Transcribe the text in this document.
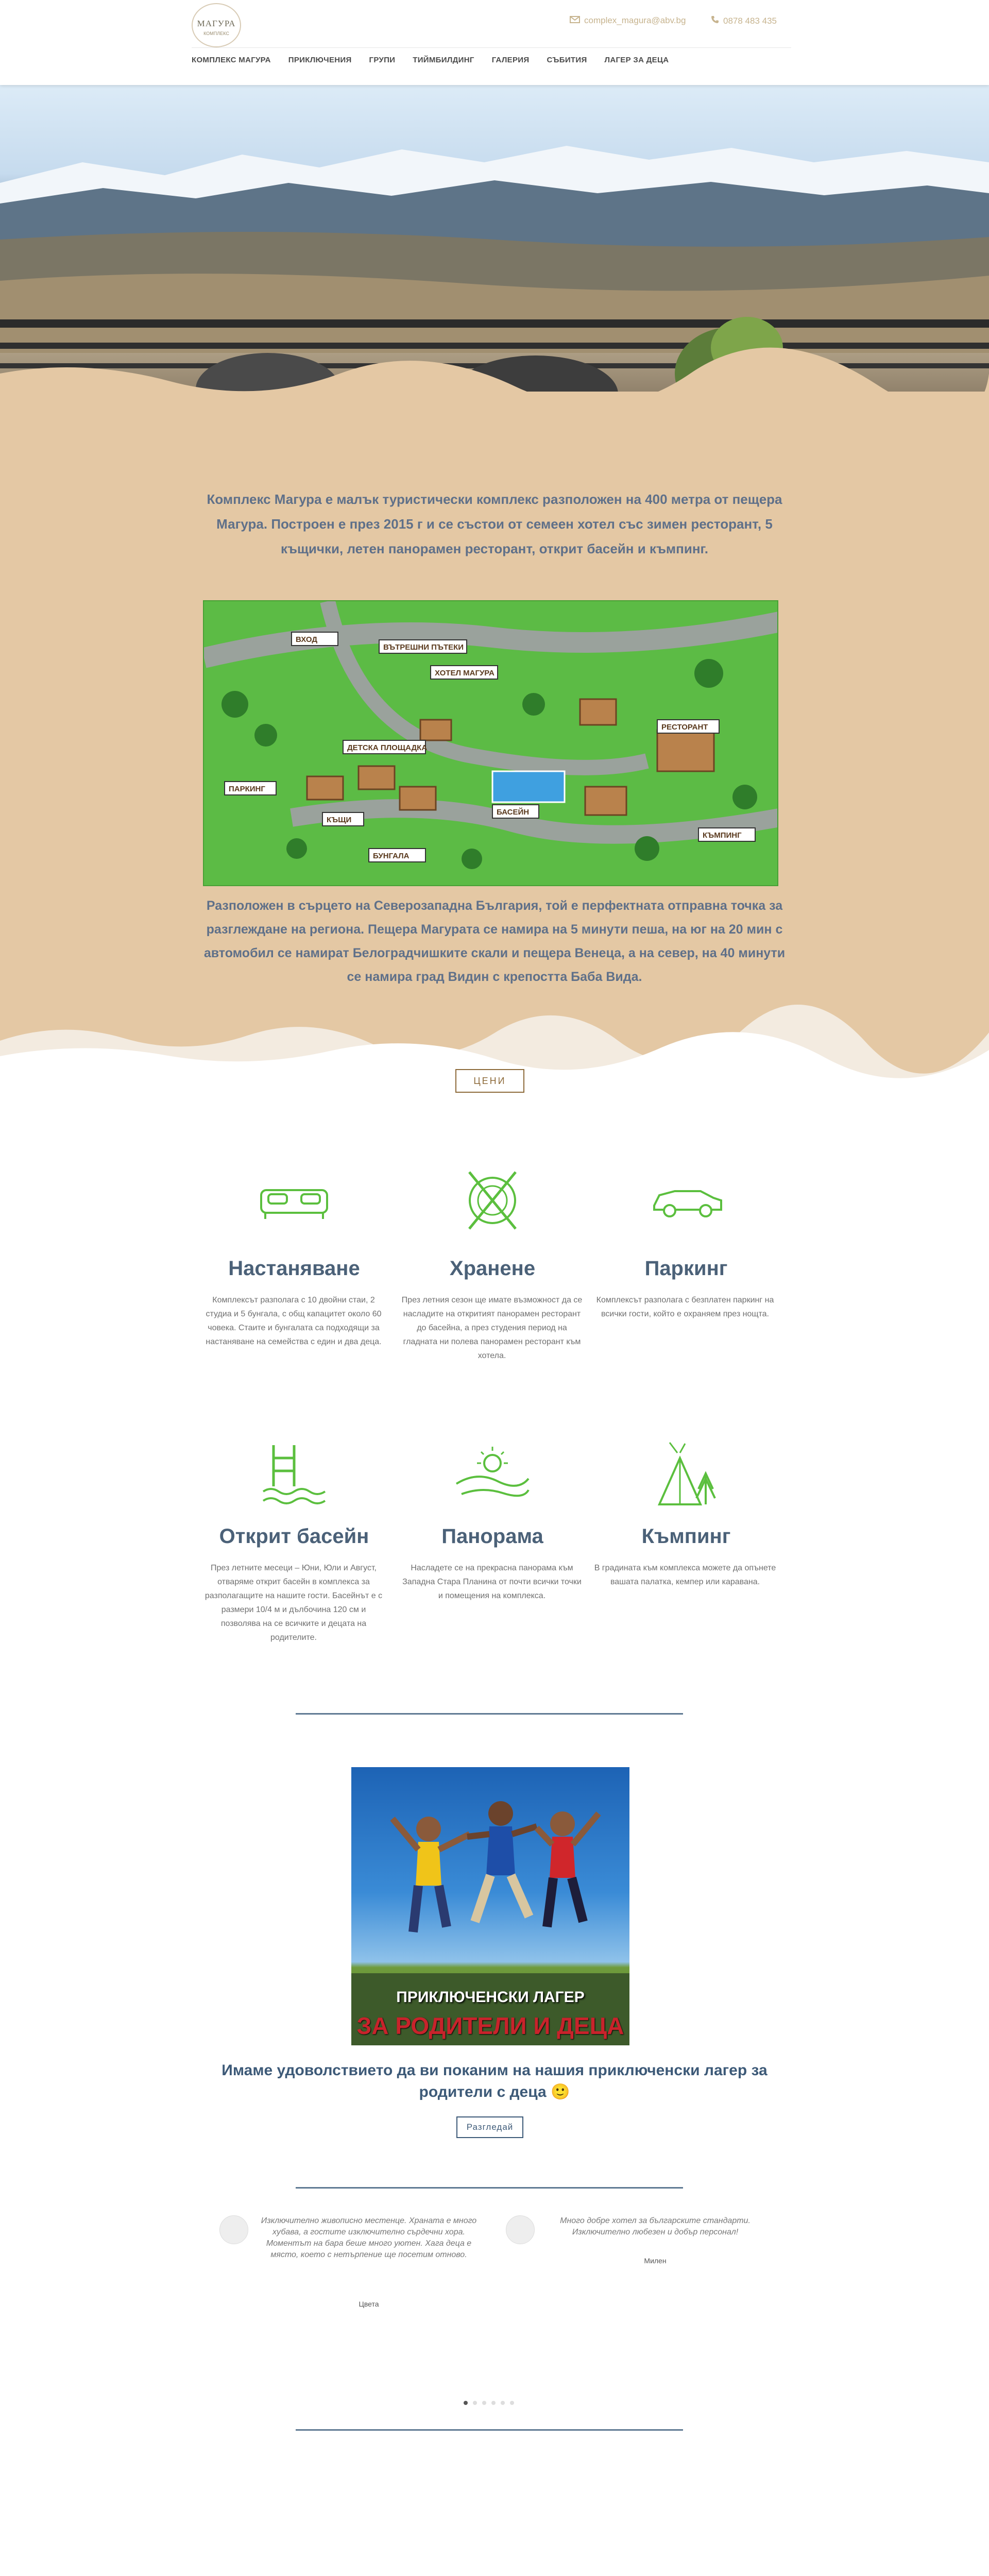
МАГУРА
КОМПЛЕКС
complex_magura@abv.bg	0878 483 435
КОМПЛЕКС МАГУРА ПРИКЛЮЧЕНИЯ ГРУПИ ТИЙМБИЛДИНГ ГАЛЕРИЯ СЪБИТИЯ ЛАГЕР ЗА ДЕЦА
Комплекс Магура е малък туристически комплекс разположен на 400 метра от пещера Магура. Построен е през 2015 г и се състои от семеен хотел със зимен ресторант, 5 къщички, летен панорамен ресторант, открит басейн и къмпинг.
ВХОД
ВЪТРЕШНИ ПЪТЕКИ
ХОТЕЛ МАГУРА
ДЕТСКА ПЛОЩАДКА
БАСЕЙН
КЪЩИ
БУНГАЛА
ПАРКИНГ
РЕСТОРАНТ
КЪМПИНГ
Разположен в сърцето на Северозападна България, той е перфектната отправна точка за разглеждане на региона. Пещера Магурата се намира на 5 минути пеша, на юг на 20 мин с автомобил се намират Белоградчишките скали и пещера Венеца, а на север, на 40 минути се намира град Видин с крепостта Баба Вида.
ЦЕНИ
Настаняване	Хранене	Паркинг
Комплексът разполага с 10 двойни стаи, 2 студиа и 5 бунгала, с общ капацитет около 60 човека. Стаите и бунгалата са подходящи за настаняване на семейства с един и два деца.
През летния сезон ще имате възможност да се насладите на откритият панорамен ресторант до басейна, а през студения период на гладната ни полева панорамен ресторант към хотела.
Комплексът разполага с безплатен паркинг на всички гости, който е охраняем през нощта.
Открит басейн	Панорама	Къмпинг
През летните месеци – Юни, Юли и Август, отваряме открит басейн в комплекса за разполагащите на нашите гости. Басейнът е с размери 10/4 м и дълбочина 120 см и позволява на се всичките и децата на родителите.
Насладете се на прекрасна панорама към Западна Стара Планина от почти всички точки и помещения на комплекса.
В градината към комплекса можете да опънете вашата палатка, кемпер или каравана.
ПРИКЛЮЧЕНСКИ ЛАГЕР
ЗА РОДИТЕЛИ И ДЕЦА
Имаме удоволствието да ви поканим на нашия приключенски лагер за родители с деца 🙂
Разгледай
Изключително живописно местенце. Храната е много хубава, а гостите изключително сърдечни хора. Моментът на бара беше много уютен. Хага деца е място, което с нетърпение ще посетим отново.
Цвета
Много добре хотел за българските стандарти. Изключително любезен и добър персонал!
Милен
